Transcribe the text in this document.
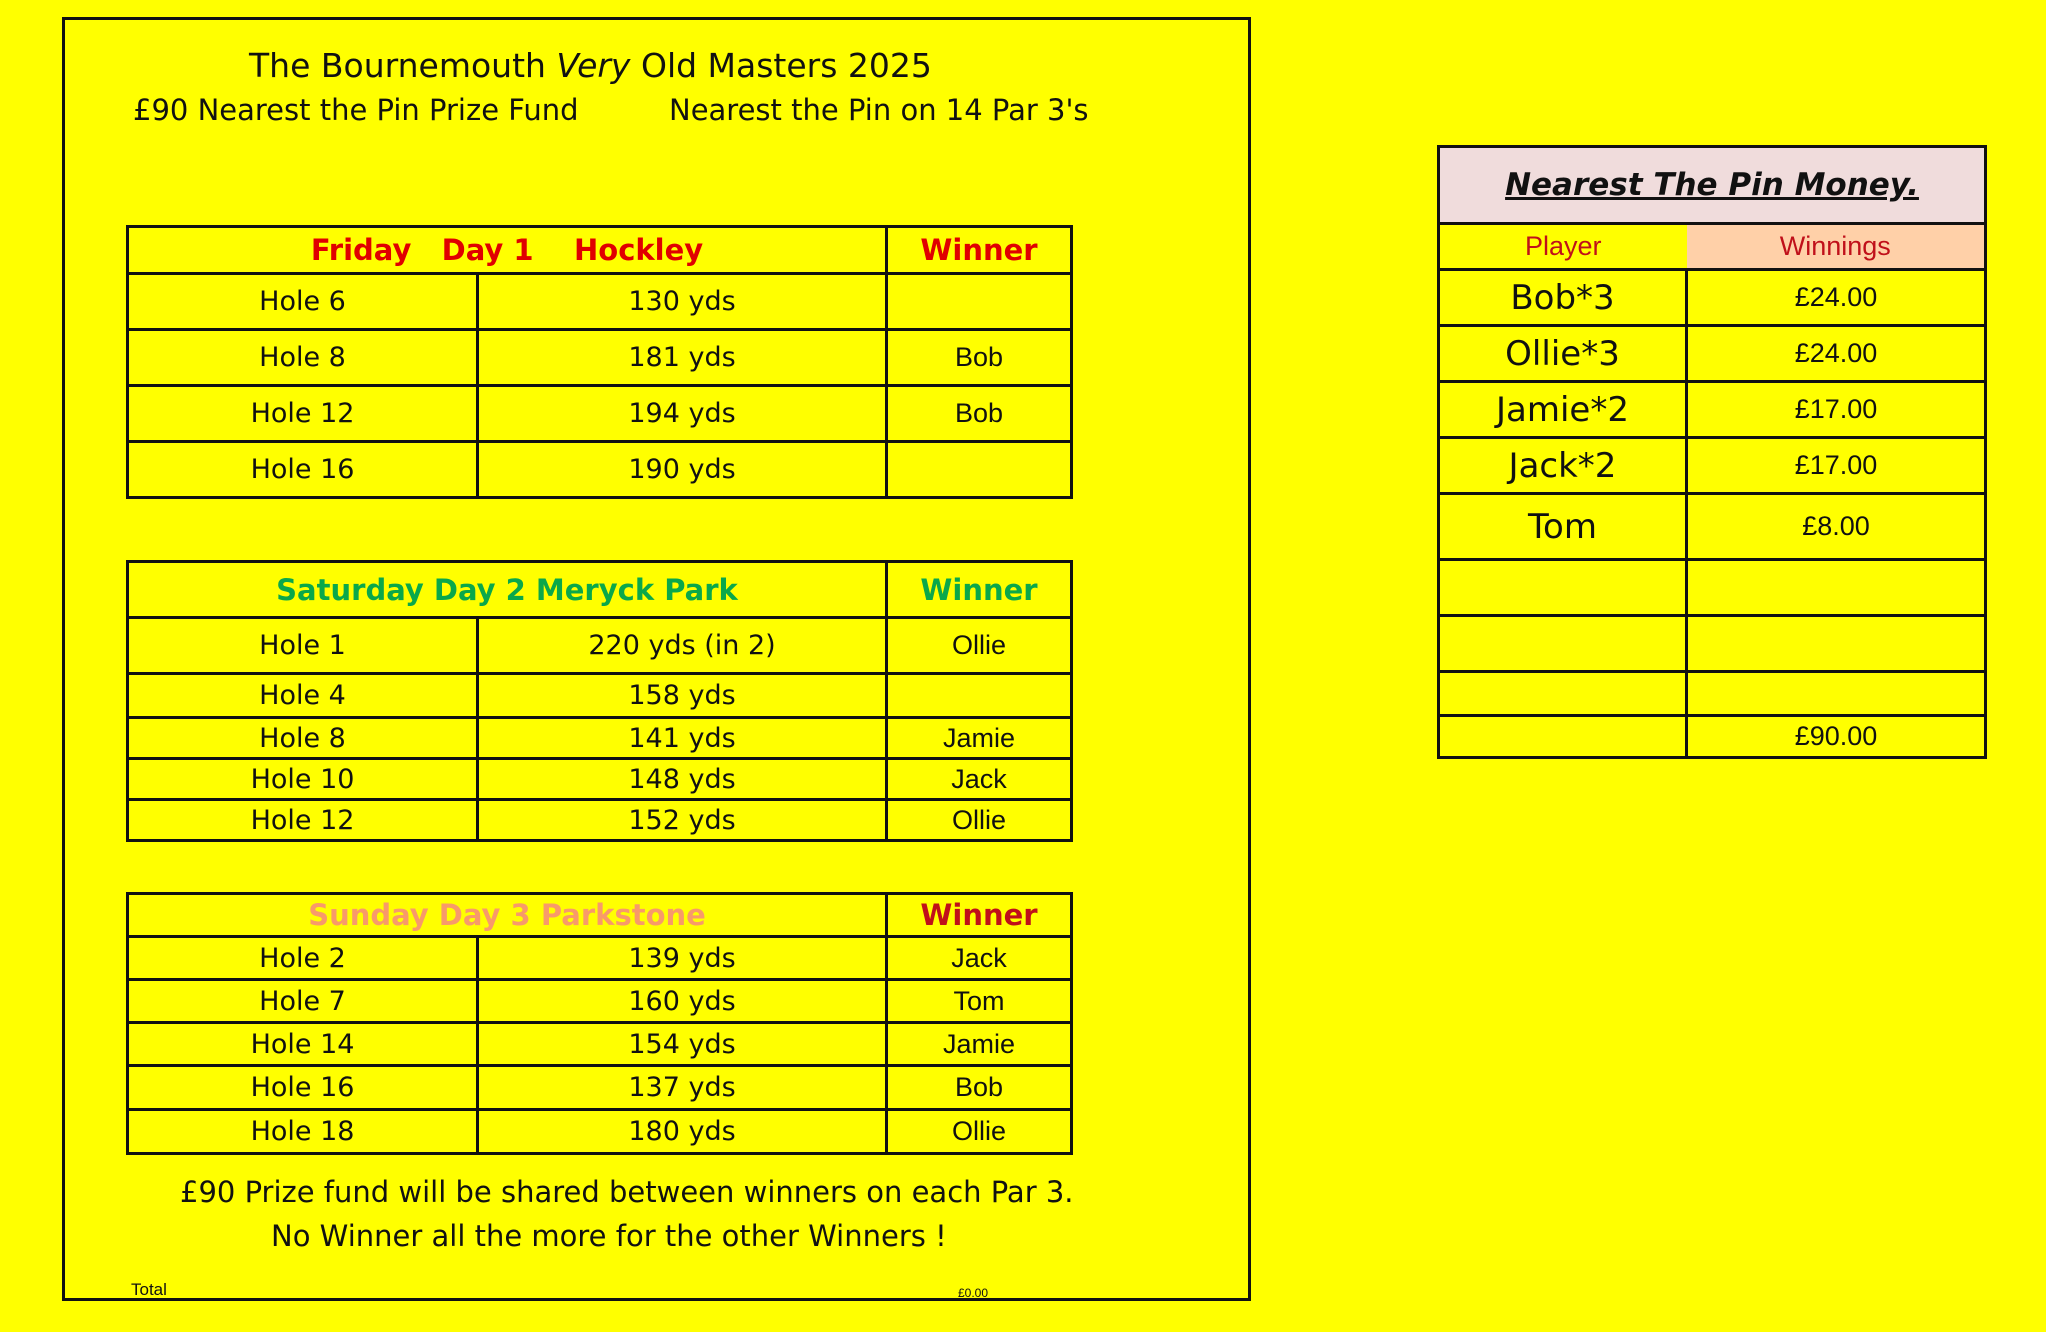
The Bournemouth Very Old Masters 2025
£90 Nearest the Pin Prize Fund	Nearest the Pin on 14 Par 3's
Friday Day 1 Hockley		Winner
Hole 6	130 yds	
Hole 8	181 yds	Bob
Hole 12	194 yds	Bob
Hole 16	190 yds	
Saturday Day 2 Meryck Park		Winner
Hole 1	220 yds (in 2)	Ollie
Hole 4	158 yds	
Hole 8	141 yds	Jamie
Hole 10	148 yds	Jack
Hole 12	152 yds	Ollie
Sunday Day 3 Parkstone		Winner
Hole 2	139 yds	Jack
Hole 7	160 yds	Tom
Hole 14	154 yds	Jamie
Hole 16	137 yds	Bob
Hole 18	180 yds	Ollie
£90 Prize fund will be shared between winners on each Par 3.
No Winner all the more for the other Winners !
Total	£0.00
Nearest The Pin Money.	
Player	Winnings
Bob*3	£24.00
Ollie*3	£24.00
Jamie*2	£17.00
Jack*2	£17.00
Tom	£8.00

	£90.00
